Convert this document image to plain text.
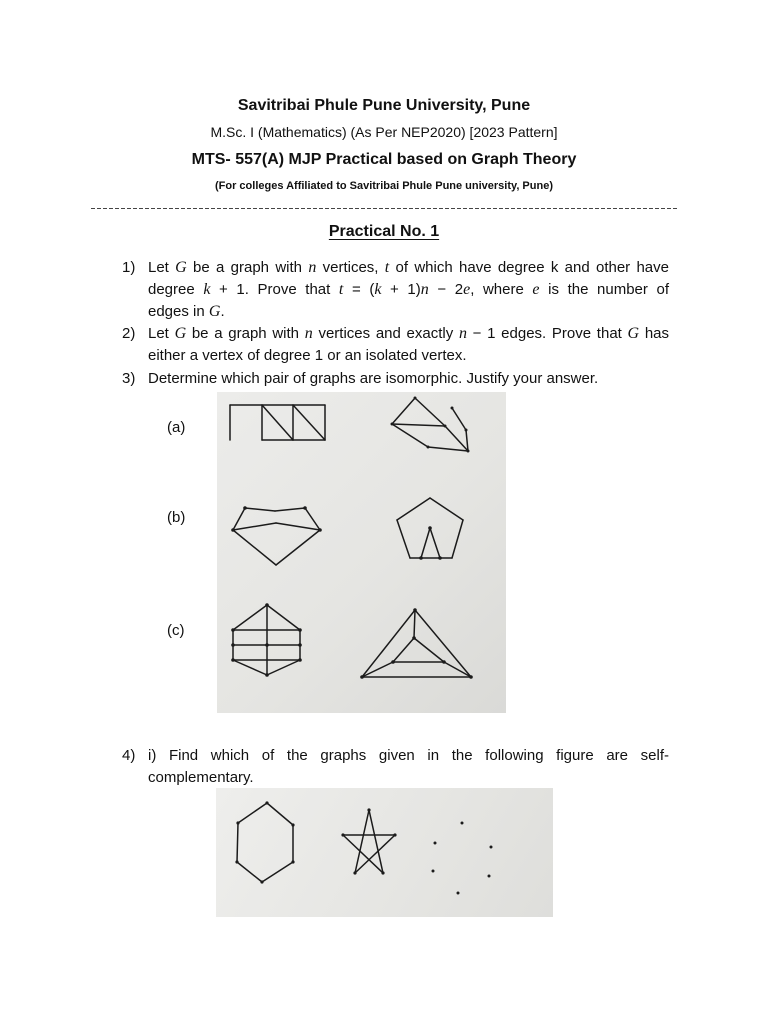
Savitribai Phule Pune University, Pune
M.Sc. I (Mathematics) (As Per NEP2020) [2023 Pattern]
MTS- 557(A) MJP Practical based on Graph Theory
(For colleges Affiliated to Savitribai Phule Pune university, Pune)
Practical No. 1
1) Let G be a graph with n vertices, t of which have degree k and other have
degree k + 1. Prove that t = (k + 1)n − 2e, where e is the number of
edges in G.
2) Let G be a graph with n vertices and exactly n − 1 edges. Prove that G has
either a vertex of degree 1 or an isolated vertex.
3) Determine which pair of graphs are isomorphic. Justify your answer.
(a)
(b)
(c)
4) i) Find which of the graphs given in the following figure are self-
complementary.
